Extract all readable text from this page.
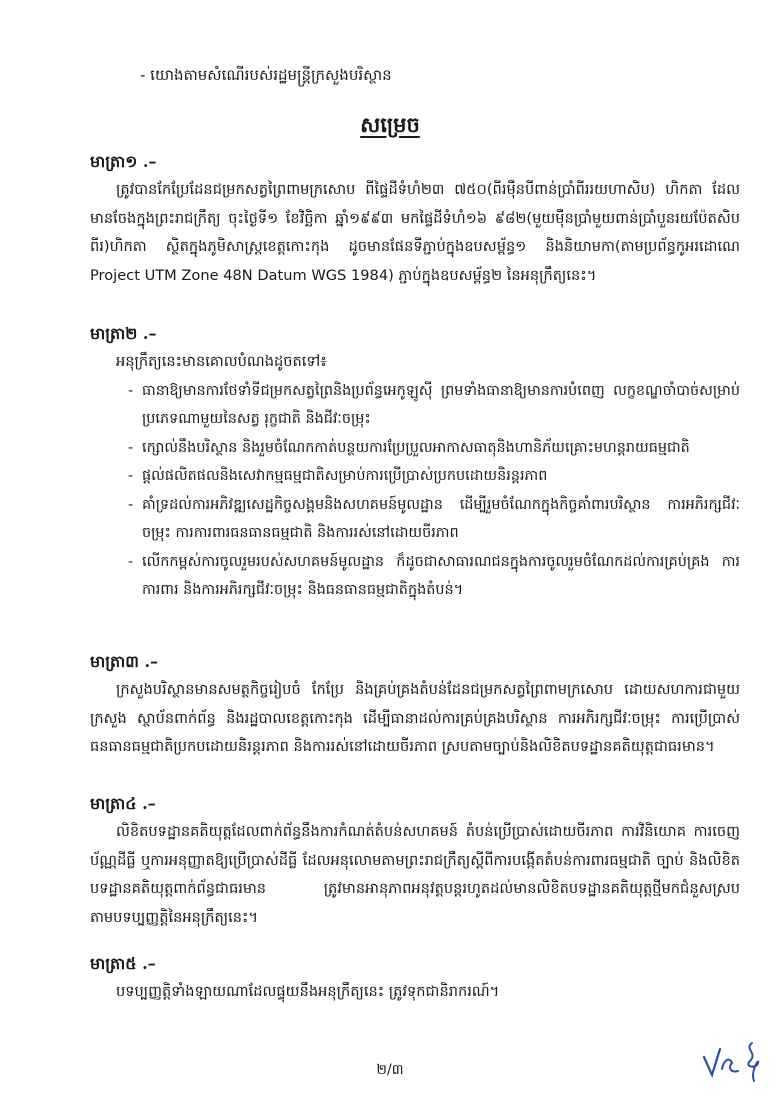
- យោងតាមសំណើរបស់រដ្ឋមន្ត្រីក្រសួងបរិស្ថាន
សម្រេច

មាត្រា១ .–

ត្រូវបានកែប្រែដែនជម្រកសត្វព្រៃពាមក្រសោប ពីផ្ទៃដីទំហំ២៣ ៧៥០(ពីរម៉ឺនបីពាន់ប្រាំពីររយហាសិប) ហិកតា ដែលមានចែងក្នុងព្រះរាជក្រឹត្យ ចុះថ្ងៃទី១ ខែវិច្ឆិកា ឆ្នាំ១៩៩៣ មកផ្ទៃដីទំហំ១៦ ៩៨២(មួយម៉ឺនប្រាំមួយពាន់ប្រាំបួនរយប៉ែតសិបពីរ)ហិកតា ស្ថិតក្នុងភូមិសាស្ត្រខេត្តកោះកុង ដូចមានផែនទីភ្ជាប់ក្នុងឧបសម្ព័ន្ធ១ និងនិយាមកា(តាមប្រព័ន្ធកូអរដោណេ Project UTM Zone 48N Datum WGS 1984) ភ្ជាប់ក្នុងឧបសម្ព័ន្ធ២ នៃអនុក្រឹត្យនេះ។

មាត្រា២ .–

អនុក្រឹត្យនេះមានគោលបំណងដូចតទៅ៖

- ធានាឱ្យមានការថែទាំទីជម្រកសត្វព្រៃនិងប្រព័ន្ធអេកូឡូស៊ី ព្រមទាំងធានាឱ្យមានការបំពេញ លក្ខខណ្ឌចាំបាច់សម្រាប់ប្រភេទណាមួយនៃសត្វ រុក្ខជាតិ និងជីវៈចម្រុះ
- ក្សោល់នឹងបរិស្ថាន និងរួមចំណែកកាត់បន្ថយការប្រែប្រួលអាកាសធាតុនិងហានិភ័យគ្រោះមហន្តរាយធម្មជាតិ
- ផ្តល់ផលិតផលនិងសេវាកម្មធម្មជាតិសម្រាប់ការប្រើប្រាស់ប្រកបដោយនិរន្តរភាព
- គាំទ្រដល់ការអភិវឌ្ឍសេដ្ឋកិច្ចសង្គមនិងសហគមន៍មូលដ្ឋាន ដើម្បីរួមចំណែកក្នុងកិច្ចគាំពារបរិស្ថាន ការអភិរក្សជីវៈចម្រុះ ការការពារធនធានធម្មជាតិ និងការរស់នៅដោយចីរភាព
- លើកកម្ពស់ការចូលរួមរបស់សហគមន៍មូលដ្ឋាន ក៏ដូចជាសាធារណជនក្នុងការចូលរួមចំណែកដល់ការគ្រប់គ្រង ការការពារ និងការអភិរក្សជីវៈចម្រុះ និងធនធានធម្មជាតិក្នុងតំបន់។

មាត្រា៣ .–

ក្រសួងបរិស្ថានមានសមត្ថកិច្ចរៀបចំ កែប្រែ និងគ្រប់គ្រងតំបន់ដែនជម្រកសត្វព្រៃពាមក្រសោប ដោយសហការជាមួយក្រសួង ស្ថាប័នពាក់ព័ន្ធ និងរដ្ឋបាលខេត្តកោះកុង ដើម្បីធានាដល់ការគ្រប់គ្រងបរិស្ថាន ការអភិរក្សជីវៈចម្រុះ ការប្រើប្រាស់ធនធានធម្មជាតិប្រកបដោយនិរន្តរភាព និងការរស់នៅដោយចីរភាព ស្របតាមច្បាប់និងលិខិតបទដ្ឋានគតិយុត្តជាធរមាន។

មាត្រា៤ .–

លិខិតបទដ្ឋានគតិយុត្តដែលពាក់ព័ន្ធនឹងការកំណត់តំបន់សហគមន៍ តំបន់ប្រើប្រាស់ដោយចីរភាព ការវិនិយោគ ការចេញប័ណ្ណដីធ្លី ឬការអនុញ្ញាតឱ្យប្រើប្រាស់ដីធ្លី ដែលអនុលោមតាមព្រះរាជក្រឹត្យស្តីពីការបង្កើតតំបន់ការពារធម្មជាតិ ច្បាប់ និងលិខិតបទដ្ឋានគតិយុត្តពាក់ព័ន្ធជាធរមាន ត្រូវមានអានុភាពអនុវត្តបន្តរហូតដល់មានលិខិតបទដ្ឋានគតិយុត្តថ្មីមកជំនួសស្របតាមបទប្បញ្ញត្តិនៃអនុក្រឹត្យនេះ។

មាត្រា៥ .–

បទប្បញ្ញត្តិទាំងឡាយណាដែលផ្ទុយនឹងអនុក្រឹត្យនេះ ត្រូវទុកជានិរាករណ៍។

២/៣
